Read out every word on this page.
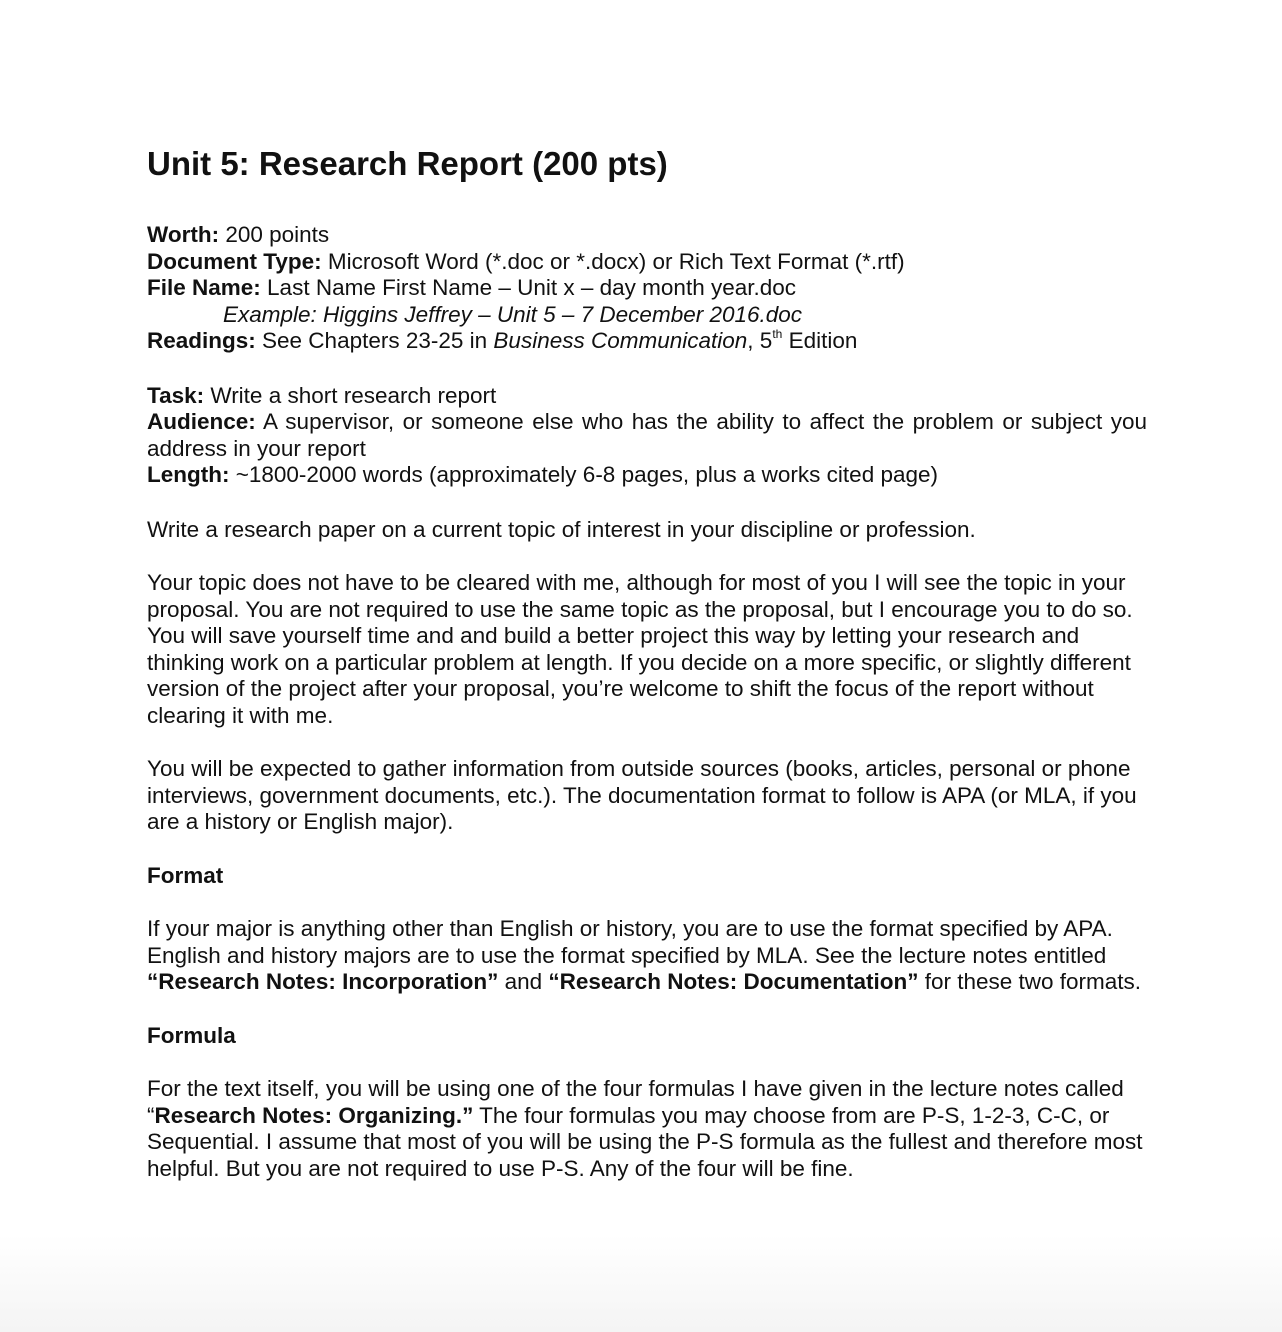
Unit 5: Research Report (200 pts)

Worth: 200 points

Document Type: Microsoft Word (*.doc or *.docx) or Rich Text Format (*.rtf)

File Name: Last Name First Name – Unit x – day month year.doc

Example: Higgins Jeffrey – Unit 5 – 7 December 2016.doc

Readings: See Chapters 23-25 in Business Communication, 5th Edition

Task: Write a short research report

Audience: A supervisor, or someone else who has the ability to affect the problem or subject you address in your report

Length: ~1800-2000 words (approximately 6-8 pages, plus a works cited page)

Write a research paper on a current topic of interest in your discipline or profession.

Your topic does not have to be cleared with me, although for most of you I will see the topic in your proposal. You are not required to use the same topic as the proposal, but I encourage you to do so. You will save yourself time and and build a better project this way by letting your research and thinking work on a particular problem at length. If you decide on a more specific, or slightly different version of the project after your proposal, you’re welcome to shift the focus of the report without clearing it with me.

You will be expected to gather information from outside sources (books, articles, personal or phone interviews, government documents, etc.). The documentation format to follow is APA (or MLA, if you are a history or English major).

Format

If your major is anything other than English or history, you are to use the format specified by APA. English and history majors are to use the format specified by MLA. See the lecture notes entitled “Research Notes: Incorporation” and “Research Notes: Documentation” for these two formats.

Formula

For the text itself, you will be using one of the four formulas I have given in the lecture notes called “Research Notes: Organizing.” The four formulas you may choose from are P-S, 1-2-3, C-C, or Sequential. I assume that most of you will be using the P-S formula as the fullest and therefore most helpful. But you are not required to use P-S. Any of the four will be fine.
